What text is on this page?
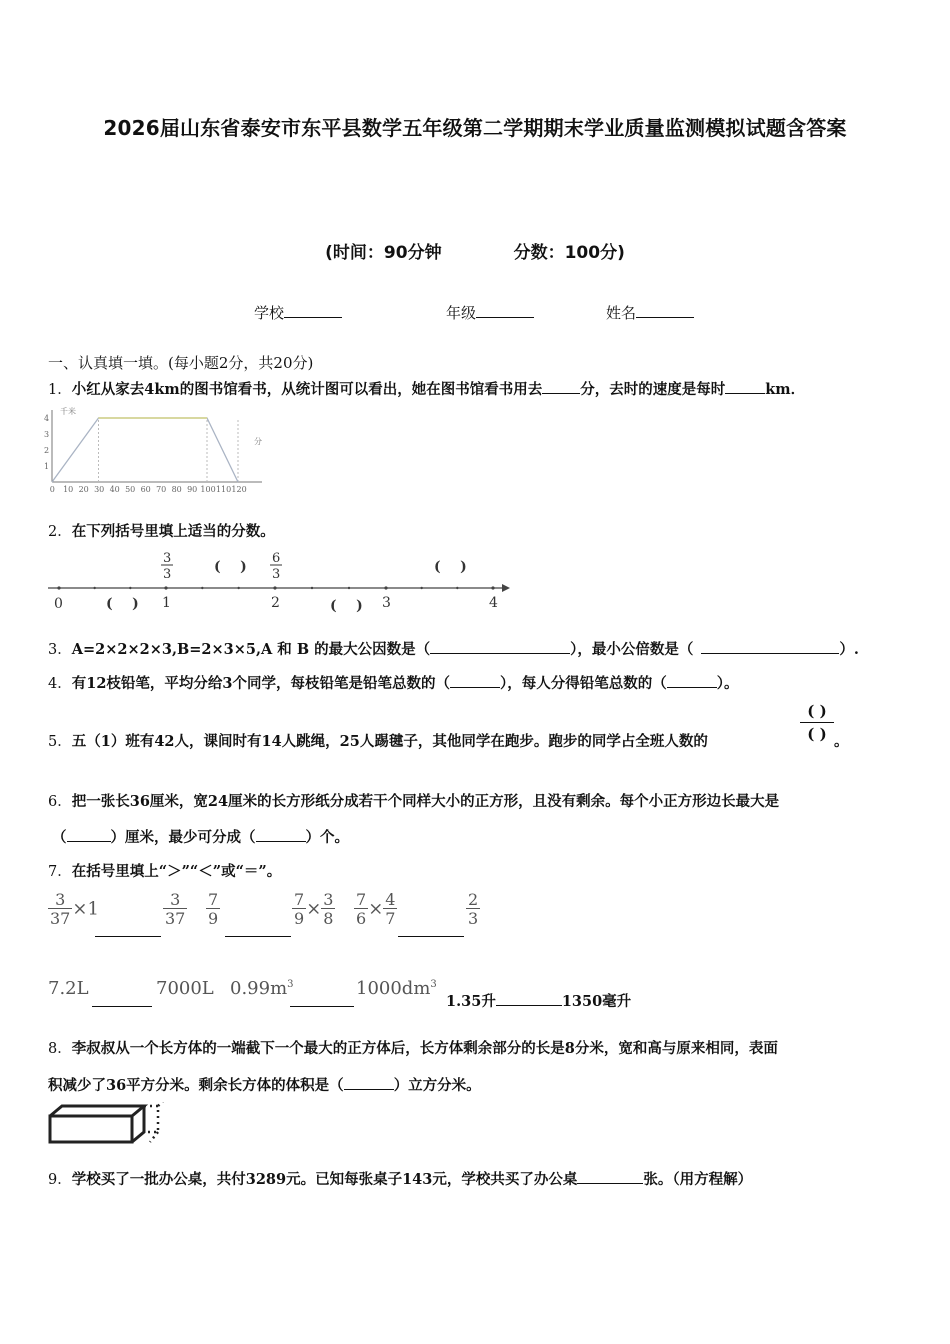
2026届山东省泰安市东平县数学五年级第二学期期末学业质量监测模拟试题含答案
(时间：90分钟	分数：100分)
学校	年级	姓名
一、认真填一填。(每小题2分，共20分)
1．小红从家去4km的图书馆看书，从统计图可以看出，她在图书馆看书用去	分，去时的速度是每时	km．
0 10 20 30 40 50 60 70 80 90 100 110 120
1
2
3
4
千米
分
2．在下列括号里填上适当的分数。
0	1	2	3	4
3
3
6
3
(    )	(    )
(    )	(    )
3．A=2×2×2×3,B=2×3×5,A 和 B 的最大公因数是（	），最小公倍数是（	）.
4．有12枝铅笔，平均分给3个同学，每枝铅笔是铅笔总数的（	），每人分得铅笔总数的（	）。
5．五（1）班有42人，课间时有14人跳绳，25人踢毽子，其他同学在跑步。跑步的同学占全班人数的
( )
( ) 。
6．把一张长36厘米，宽24厘米的长方形纸分成若干个同样大小的正方形，且没有剩余。每个小正方形边长最大是
（	）厘米，最少可分成（	）个。
7．在括号里填上“＞”“＜”或“＝”。
$\frac{3}{37} \times 1$	$\frac{3}{37} \frac{7}{9}$	$\frac{7}{9} \times \frac{3}{8} \frac{7}{6} \times \frac{4}{7}$	$\frac{2}{3}$
7.2L	7000L $0.99m^3$	$1000dm^3$
1.35升	1350毫升
8．李叔叔从一个长方体的一端截下一个最大的正方体后，长方体剩余部分的长是8分米，宽和高与原来相同，表面
积减少了36平方分米。剩余长方体的体积是（	）立方分米。
9．学校买了一批办公桌，共付3289元。已知每张桌子143元，学校共买了办公桌	张。（用方程解）
